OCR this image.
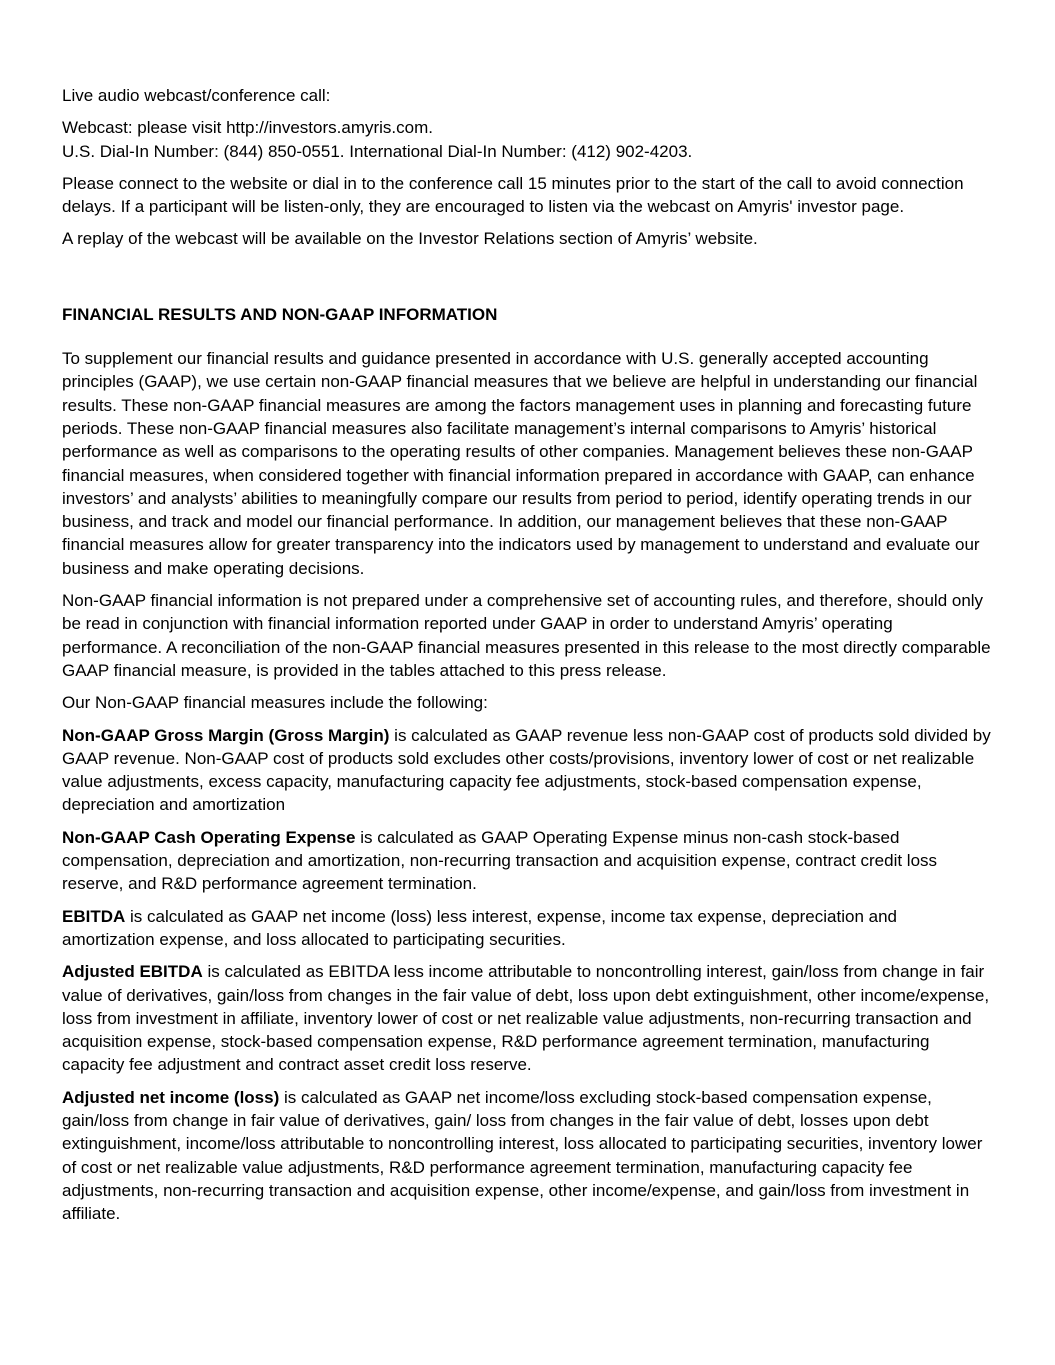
Live audio webcast/conference call:

Webcast: please visit http://investors.amyris.com.
U.S. Dial-In Number: (844) 850-0551. International Dial-In Number: (412) 902-4203.

Please connect to the website or dial in to the conference call 15 minutes prior to the start of the call to avoid connection delays. If a participant will be listen-only, they are encouraged to listen via the webcast on Amyris' investor page.

A replay of the webcast will be available on the Investor Relations section of Amyris’ website.

FINANCIAL RESULTS AND NON-GAAP INFORMATION

To supplement our financial results and guidance presented in accordance with U.S. generally accepted accounting principles (GAAP), we use certain non-GAAP financial measures that we believe are helpful in understanding our financial results. These non-GAAP financial measures are among the factors management uses in planning and forecasting future periods. These non-GAAP financial measures also facilitate management’s internal comparisons to Amyris’ historical performance as well as comparisons to the operating results of other companies. Management believes these non-GAAP financial measures, when considered together with financial information prepared in accordance with GAAP, can enhance investors’ and analysts’ abilities to meaningfully compare our results from period to period, identify operating trends in our business, and track and model our financial performance. In addition, our management believes that these non-GAAP financial measures allow for greater transparency into the indicators used by management to understand and evaluate our business and make operating decisions.

Non-GAAP financial information is not prepared under a comprehensive set of accounting rules, and therefore, should only be read in conjunction with financial information reported under GAAP in order to understand Amyris’ operating performance. A reconciliation of the non-GAAP financial measures presented in this release to the most directly comparable GAAP financial measure, is provided in the tables attached to this press release.

Our Non-GAAP financial measures include the following:

Non-GAAP Gross Margin (Gross Margin) is calculated as GAAP revenue less non-GAAP cost of products sold divided by GAAP revenue. Non-GAAP cost of products sold excludes other costs/provisions, inventory lower of cost or net realizable value adjustments, excess capacity, manufacturing capacity fee adjustments, stock-based compensation expense, depreciation and amortization

Non-GAAP Cash Operating Expense is calculated as GAAP Operating Expense minus non-cash stock-based compensation, depreciation and amortization, non-recurring transaction and acquisition expense, contract credit loss reserve, and R&D performance agreement termination.

EBITDA is calculated as GAAP net income (loss) less interest, expense, income tax expense, depreciation and amortization expense, and loss allocated to participating securities.

Adjusted EBITDA is calculated as EBITDA less income attributable to noncontrolling interest, gain/loss from change in fair value of derivatives, gain/loss from changes in the fair value of debt, loss upon debt extinguishment, other income/expense, loss from investment in affiliate, inventory lower of cost or net realizable value adjustments, non-recurring transaction and acquisition expense, stock-based compensation expense, R&D performance agreement termination, manufacturing capacity fee adjustment and contract asset credit loss reserve.

Adjusted net income (loss) is calculated as GAAP net income/loss excluding stock-based compensation expense, gain/loss from change in fair value of derivatives, gain/ loss from changes in the fair value of debt, losses upon debt extinguishment, income/loss attributable to noncontrolling interest, loss allocated to participating securities, inventory lower of cost or net realizable value adjustments, R&D performance agreement termination, manufacturing capacity fee adjustments, non-recurring transaction and acquisition expense, other income/expense, and gain/loss from investment in affiliate.
